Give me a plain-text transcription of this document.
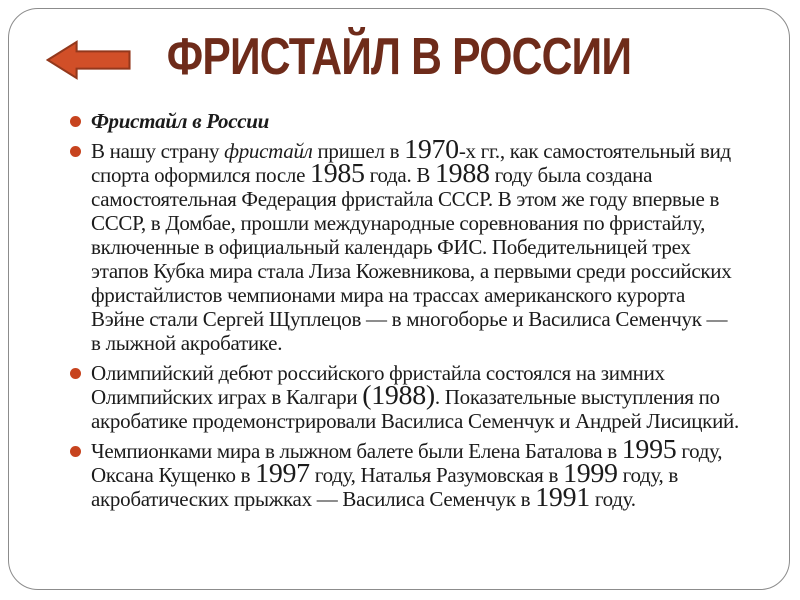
ФРИСТАЙЛ В РОССИИ
Фристайл в России
В нашу страну фристайл пришел в 1970-х гг., как самостоятельный вид спорта оформился после 1985 года. В 1988 году была создана самостоятельная Федерация фристайла СССР. В этом же году впервые в СССР, в Домбае, прошли международные соревнования по фристайлу, включенные в официальный календарь ФИС. Победительницей трех этапов Кубка мира стала Лиза Кожевникова, а первыми среди российских фристайлистов чемпионами мира на трассах американского курорта Вэйне стали Сергей Щуплецов — в многоборье и Василиса Семенчук — в лыжной акробатике.
Олимпийский дебют российского фристайла состоялся на зимних Олимпийских играх в Калгари (1988). Показательные выступления по акробатике продемонстрировали Василиса Семенчук и Андрей Лисицкий.
Чемпионками мира в лыжном балете были Елена Баталова в 1995 году, Оксана Кущенко в 1997 году, Наталья Разумовская в 1999 году, в акробатических прыжках — Василиса Семенчук в 1991 году.
